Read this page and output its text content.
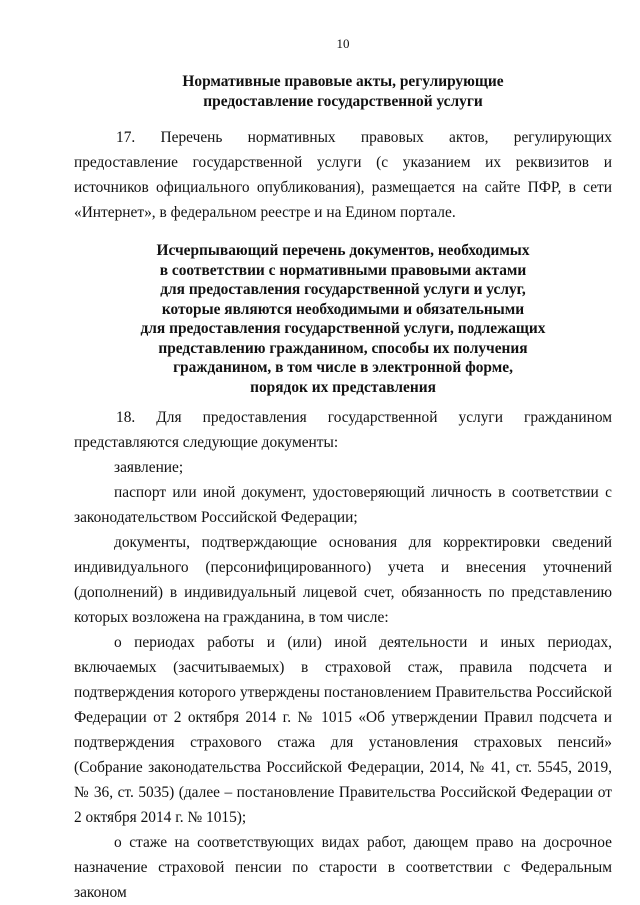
10
Нормативные правовые акты, регулирующие
предоставление государственной услуги

17. Перечень нормативных правовых актов, регулирующих предоставление государственной услуги (с указанием их реквизитов и источников официального опубликования), размещается на сайте ПФР, в сети «Интернет», в федеральном реестре и на Едином портале.

Исчерпывающий перечень документов, необходимых
в соответствии с нормативными правовыми актами
для предоставления государственной услуги и услуг,
которые являются необходимыми и обязательными
для предоставления государственной услуги, подлежащих
представлению гражданином, способы их получения
гражданином, в том числе в электронной форме,
порядок их представления

18. Для предоставления государственной услуги гражданином представляются следующие документы:

заявление;

паспорт или иной документ, удостоверяющий личность в соответствии с законодательством Российской Федерации;

документы, подтверждающие основания для корректировки сведений индивидуального (персонифицированного) учета и внесения уточнений (дополнений) в индивидуальный лицевой счет, обязанность по представлению которых возложена на гражданина, в том числе:

о периодах работы и (или) иной деятельности и иных периодах, включаемых (засчитываемых) в страховой стаж, правила подсчета и подтверждения которого утверждены постановлением Правительства Российской Федерации от 2 октября 2014 г. № 1015 «Об утверждении Правил подсчета и подтверждения страхового стажа для установления страховых пенсий» (Собрание законодательства Российской Федерации, 2014, № 41, ст. 5545, 2019, № 36, ст. 5035) (далее – постановление Правительства Российской Федерации от 2 октября 2014 г. № 1015);

о стаже на соответствующих видах работ, дающем право на досрочное назначение страховой пенсии по старости в соответствии с Федеральным законом
